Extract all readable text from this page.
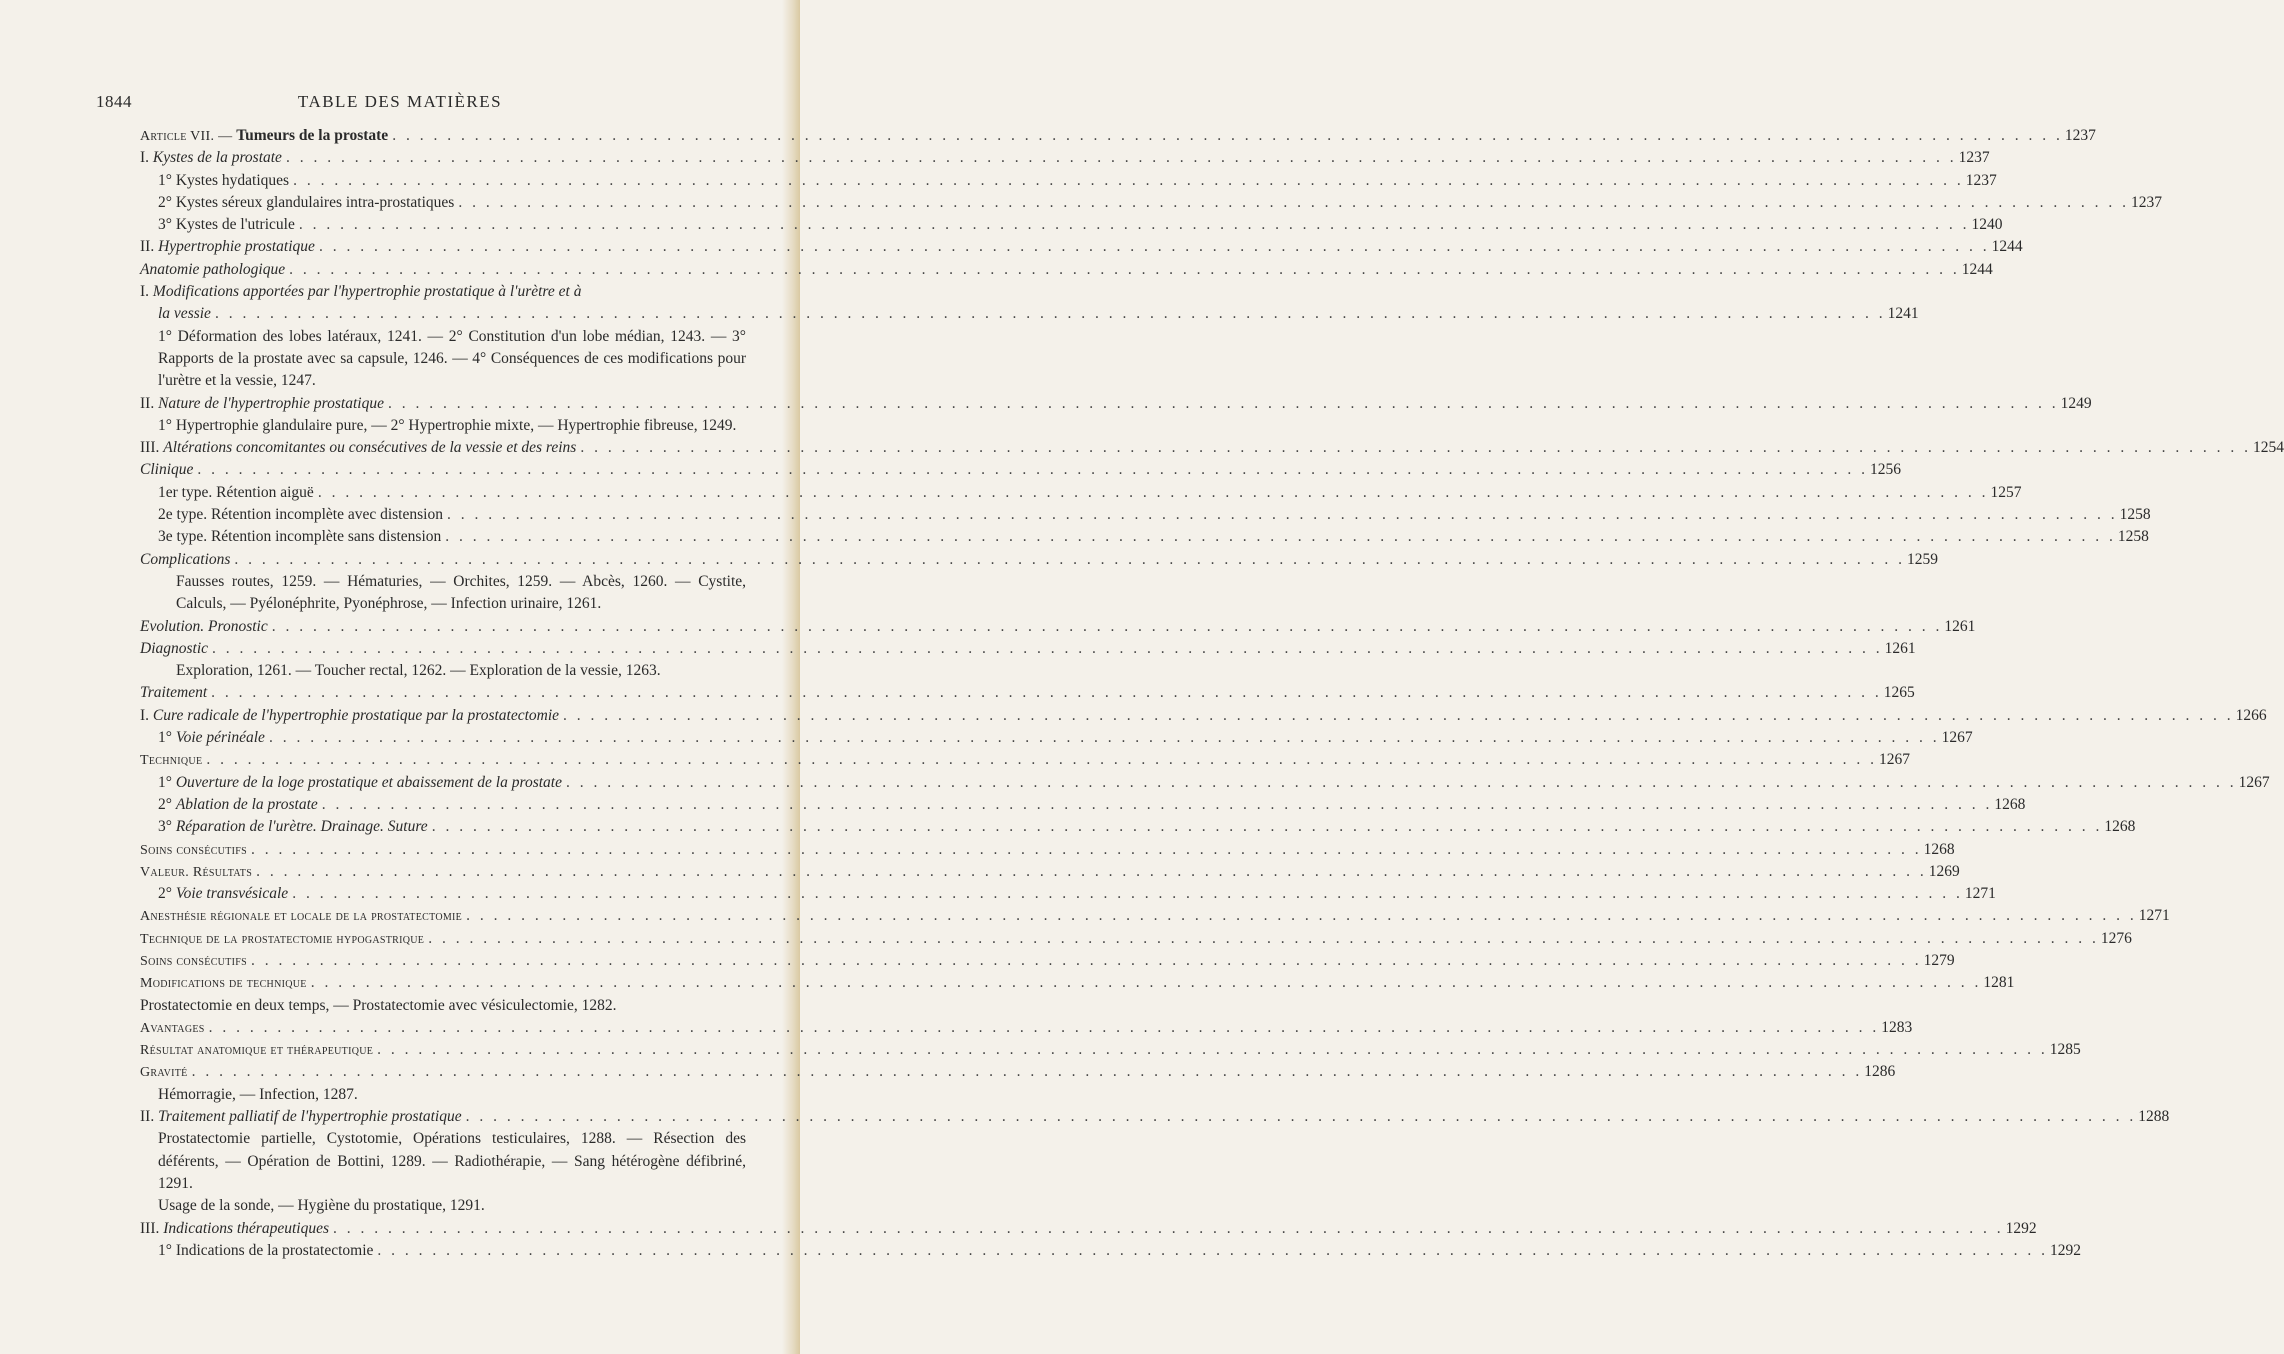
1844	TABLE DES MATIÈRES
Article VII. — Tumeurs de la prostate . . .	1237
I. Kystes de la prostate . . .	1237
1° Kystes hydatiques . . .	1237
2° Kystes séreux glandulaires intra-prostatiques . . .	1237
3° Kystes de l'utricule . . .	1240
II. Hypertrophie prostatique . . .	1244
Anatomie pathologique . . .	1244
I. Modifications apportées par l'hypertrophie prostatique à l'urètre et à
la vessie . . .	1241
1° Déformation des lobes latéraux, 1241. — 2° Constitution d'un lobe médian, 1243. — 3° Rapports de la prostate avec sa capsule, 1246. — 4° Conséquences de ces modifications pour l'urètre et la vessie, 1247.
II. Nature de l'hypertrophie prostatique . . .	1249
1° Hypertrophie glandulaire pure, — 2° Hypertrophie mixte, — Hypertrophie fibreuse, 1249.
III. Altérations concomitantes ou consécutives de la vessie et des reins . . .	1254
Clinique . . .	1256
1er type. Rétention aiguë . . .	1257
2e type. Rétention incomplète avec distension . . .	1258
3e type. Rétention incomplète sans distension . . .	1258
Complications . . .	1259
Fausses routes, 1259. — Hématuries, — Orchites, 1259. — Abcès, 1260. — Cystite, Calculs, — Pyélonéphrite, Pyonéphrose, — Infection urinaire, 1261.
Evolution. Pronostic . . .	1261
Diagnostic . . .	1261
Exploration, 1261. — Toucher rectal, 1262. — Exploration de la vessie, 1263.
Traitement . . .	1265
I. Cure radicale de l'hypertrophie prostatique par la prostatectomie . . .	1266
1° Voie périnéale . . .	1267
Technique . . .	1267
1° Ouverture de la loge prostatique et abaissement de la prostate . . .	1267
2° Ablation de la prostate . . .	1268
3° Réparation de l'urètre. Drainage. Suture . . .	1268
Soins consécutifs . . .	1268
Valeur. Résultats . . .	1269
2° Voie transvésicale . . .	1271
Anesthésie régionale et locale de la prostatectomie . . .	1271
Technique de la prostatectomie hypogastrique . . .	1276
Soins consécutifs . . .	1279
Modifications de technique . . .	1281
Prostatectomie en deux temps, — Prostatectomie avec vésiculectomie, 1282.
Avantages . . .	1283
Résultat anatomique et thérapeutique . . .	1285
Gravité . . .	1286
Hémorragie, — Infection, 1287.
II. Traitement palliatif de l'hypertrophie prostatique . . .	1288
Prostatectomie partielle, Cystotomie, Opérations testiculaires, 1288. — Résection des déférents, — Opération de Bottini, 1289. — Radiothérapie, — Sang hétérogène défibriné, 1291.
Usage de la sonde, — Hygiène du prostatique, 1291.
III. Indications thérapeutiques . . .	1292
1° Indications de la prostatectomie . . .	1292
